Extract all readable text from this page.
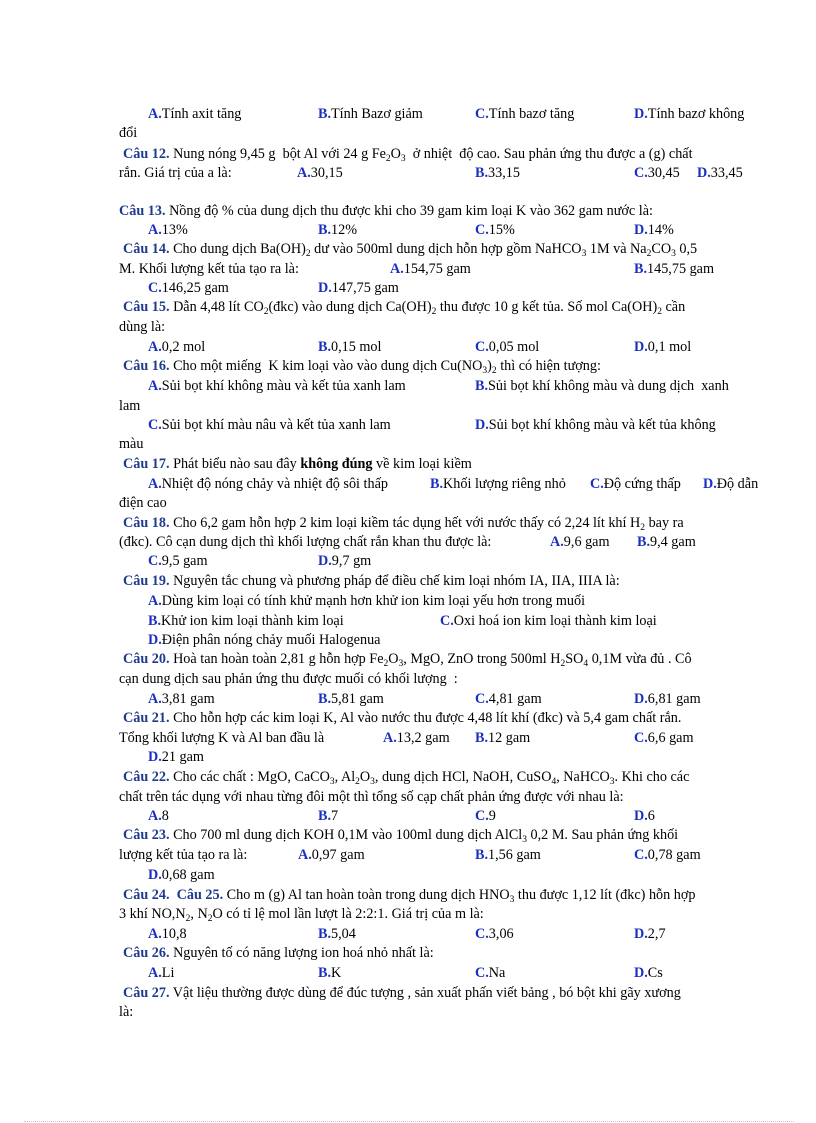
A.Tính axit tăng	B.Tính Bazơ giảm	C.Tính bazơ tăng	D.Tính bazơ không
đổi
Câu 12. Nung nóng 9,45 g  bột Al với 24 g $Fe_2O_3$  ở nhiệt  độ cao. Sau phản ứng thu được a (g) chất
rắn. Giá trị của a là:	A.30,15	B.33,15	C.30,45 D.33,45
Câu 13. Nồng độ % của dung dịch thu được khi cho 39 gam kim loại K vào 362 gam nước là:
A.13%	B.12%	C.15%	D.14%
Câu 14. Cho dung dịch $Ba(OH)_2$ dư vào 500ml dung dịch hỗn hợp gồm NaHCO$_3$ 1M và $Na_2CO_3$ 0,5
M. Khối lượng kết tủa tạo ra là:	A.154,75 gam	B.145,75 gam
C.146,25 gam	D.147,75 gam
Câu 15. Dẫn 4,48 lít $CO_2(đkc)$ vào dung dịch $Ca(OH)_2$ thu được 10 g kết tủa. Số mol $Ca(OH)_2$ cần
dùng là:
A.0,2 mol	B.0,15 mol	C.0,05 mol	D.0,1 mol
Câu 16. Cho một miếng  K kim loại vào vào dung dịch $Cu(NO_3)_2$ thì có hiện tượng:
A.Sủi bọt khí không màu và kết tủa xanh lam	B.Sủi bọt khí không màu và dung dịch  xanh
lam
C.Sủi bọt khí màu nâu và kết tủa xanh lam	D.Sủi bọt khí không màu và kết tủa không
màu
Câu 17. Phát biểu nào sau đây không đúng về kim loại kiềm
A.Nhiệt độ nóng chảy và nhiệt độ sôi thấp	B.Khối lượng riêng nhỏ C.Độ cứng thấp D.Độ dẫn
điện cao
Câu 18. Cho 6,2 gam hỗn hợp 2 kim loại kiềm tác dụng hết với nước thấy có 2,24 lít khí $H_2$ bay ra
(đkc). Cô cạn dung dịch thì khối lượng chất rắn khan thu được là:	A.9,6 gam B.9,4 gam
C.9,5 gam	D.9,7 gm
Câu 19. Nguyên tắc chung và phương pháp để điều chế kim loại nhóm IA, IIA, IIIA là:
A.Dùng kim loại có tính khử mạnh hơn khử ion kim loại yếu hơn trong muối
B.Khử ion kim loại thành kim loại	C.Oxi hoá ion kim loại thành kim loại
D.Điện phân nóng chảy muối Halogenua
Câu 20. Hoà tan hoàn toàn 2,81 g hỗn hợp $Fe_2O_3$, MgO, ZnO trong 500ml $H_2SO_4$ 0,1M vừa đủ . Cô
cạn dung dịch sau phản ứng thu được muối có khối lượng  :
A.3,81 gam	B.5,81 gam	C.4,81 gam	D.6,81 gam
Câu 21. Cho hỗn hợp các kim loại K, Al vào nước thu được 4,48 lít khí (đkc) và 5,4 gam chất rắn.
Tổng khối lượng K và Al ban đầu là	A.13,2 gam B.12 gam	C.6,6 gam
D.21 gam
Câu 22. Cho các chất : MgO, CaCO$_3$, $Al_2O_3$, dung dịch HCl, NaOH, CuSO$_4$, NaHCO$_3$. Khi cho các
chất trên tác dụng với nhau từng đôi một thì tổng số cạp chất phản ứng được với nhau là:
A.8	B.7	C.9	D.6
Câu 23. Cho 700 ml dung dịch KOH 0,1M vào 100ml dung dịch AlCl$_3$ 0,2 M. Sau phản ứng khối
lượng kết tủa tạo ra là:	A.0,97 gam	B.1,56 gam	C.0,78 gam
D.0,68 gam
Câu 24.  Câu 25. Cho m (g) Al tan hoàn toàn trong dung dịch $HNO_3$ thu được 1,12 lít (đkc) hỗn hợp
3 khí $NO,N_2$, $N_2O$ có tỉ lệ mol lần lượt là 2:2:1. Giá trị của m là:
A.10,8	B.5,04	C.3,06	D.2,7
Câu 26. Nguyên tố có năng lượng ion hoá nhỏ nhất là:
A.Li	B.K	C.Na	D.Cs
Câu 27. Vật liệu thường được dùng để đúc tượng , sản xuất phấn viết bảng , bó bột khi gãy xương
là:
